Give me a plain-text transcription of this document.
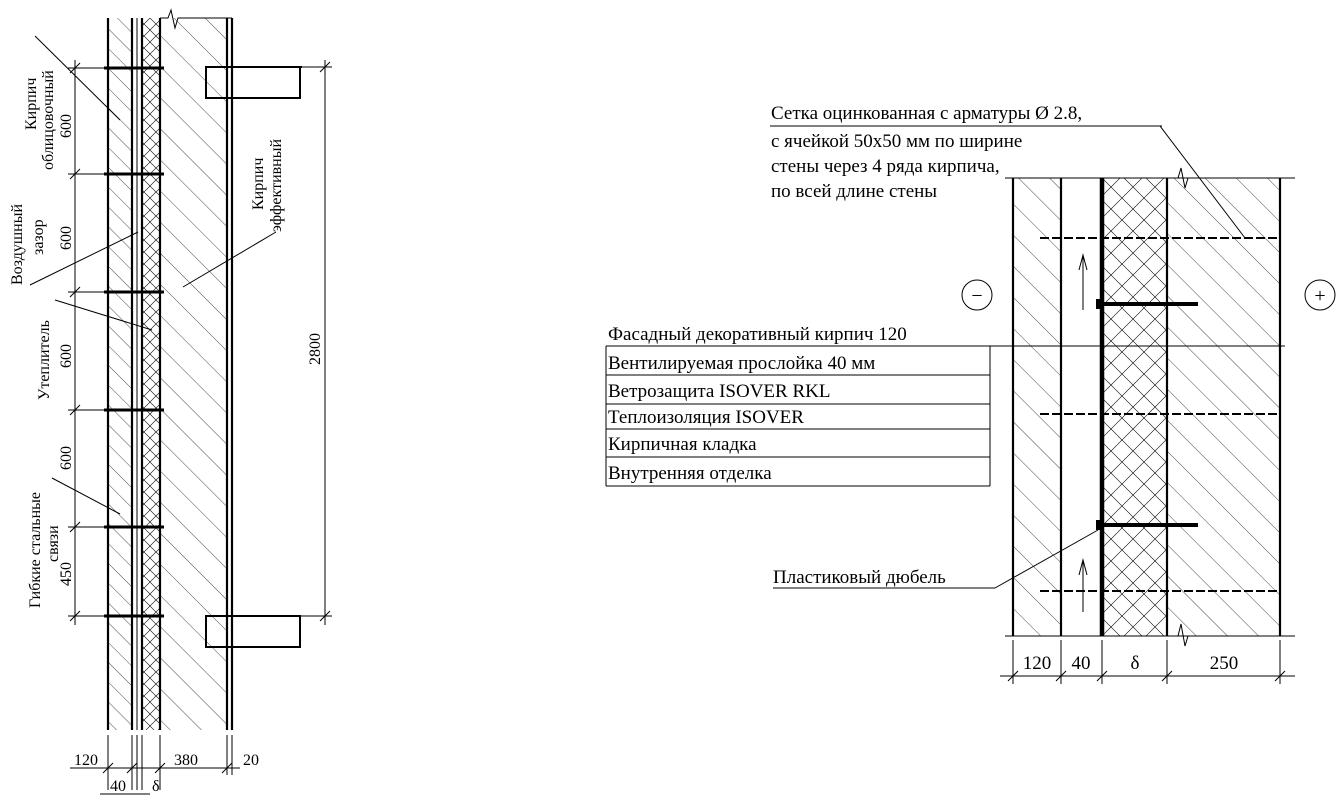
Кирпич облицовочный
Воздушный зазор
Утеплитель
Гибкие стальные связи
Кирпич эффективный
600
600
600
600
450
2800
120
40 δ
380	20
Сетка оцинкованная с арматуры Ø 2.8,
с ячейкой 50х50 мм по ширине
стены через 4 ряда кирпича,
по всей длине стены
Фасадный декоративный кирпич 120
Вентилируемая прослойка 40 мм
Ветрозащита ISOVER RKL
Теплоизоляция ISOVER
Кирпичная кладка
Внутренняя отделка
Пластиковый дюбель
−	+
120 40 δ	250
